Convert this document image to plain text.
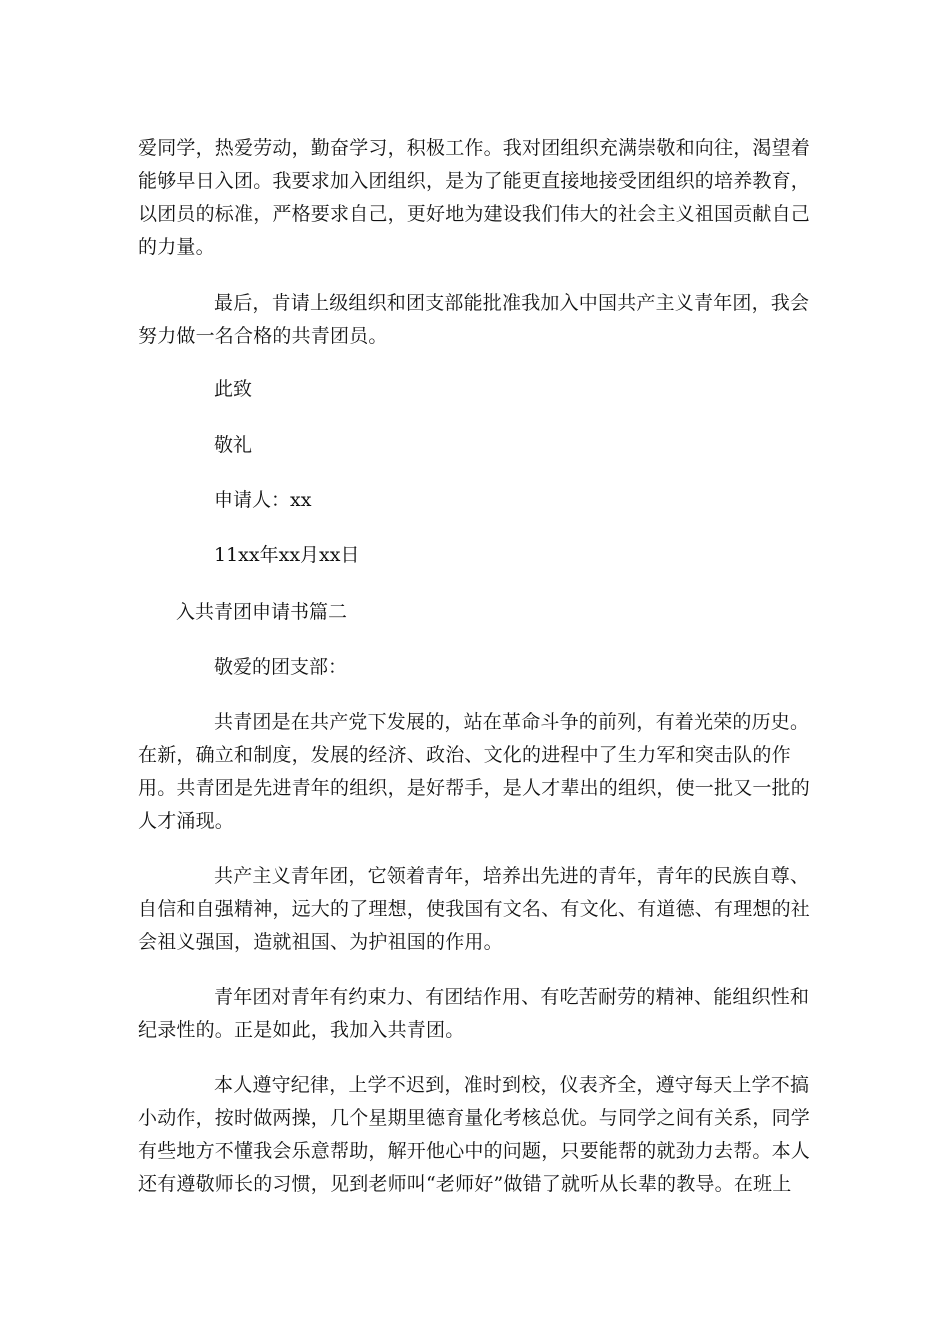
爱同学，热爱劳动，勤奋学习，积极工作。我对团组织充满崇敬和向往，渴望着能够早日入团。我要求加入团组织，是为了能更直接地接受团组织的培养教育，以团员的标准，严格要求自己，更好地为建设我们伟大的社会主义祖国贡献自己的力量。

最后，肯请上级组织和团支部能批准我加入中国共产主义青年团，我会努力做一名合格的共青团员。

此致

敬礼

申请人：xx

11xx年xx月xx日

入共青团申请书篇二

敬爱的团支部：

共青团是在共产党下发展的，站在革命斗争的前列，有着光荣的历史。在新，确立和制度，发展的经济、政治、文化的进程中了生力军和突击队的作用。共青团是先进青年的组织，是好帮手，是人才辈出的组织，使一批又一批的人才涌现。

共产主义青年团，它领着青年，培养出先进的青年，青年的民族自尊、自信和自强精神，远大的了理想，使我国有文名、有文化、有道德、有理想的社会祖义强国，造就祖国、为护祖国的作用。

青年团对青年有约束力、有团结作用、有吃苦耐劳的精神、能组织性和纪录性的。正是如此，我加入共青团。

本人遵守纪律，上学不迟到，准时到校，仪表齐全，遵守每天上学不搞小动作，按时做两操，几个星期里德育量化考核总优。与同学之间有关系，同学有些地方不懂我会乐意帮助，解开他心中的问题，只要能帮的就劲力去帮。本人还有遵敬师长的习惯，见到老师叫“老师好”做错了就听从长辈的教导。在班上
